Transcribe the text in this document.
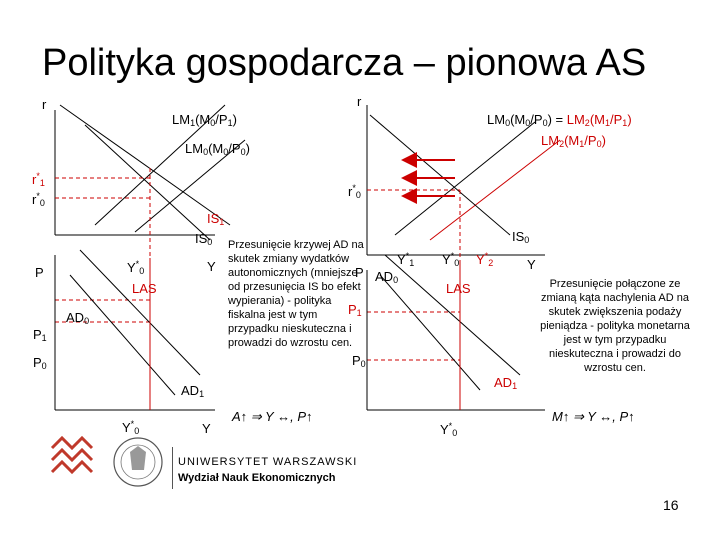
Polityka gospodarcza – pionowa AS
r
$LM_1(M_0/P_1)$
$LM_0(M_0/P_0)$
$r^*_1$
$r^*_0$
$IS_1$
$IS_0$
Y
$Y^*_0$
P
LAS
$AD_0$
$P_1$
$P_0$
$AD_1$
$Y^*_0$	Y
Przesunięcie krzywej AD na skutek zmiany wydatków autonomicznych (mniejsze od przesunięcia IS bo efekt wypierania) - polityka fiskalna jest w tym przypadku nieskuteczna i prowadzi do wzrostu cen.
A↑ ⇒ Y ↔, P↑
r
$LM_0(M_0/P_0) = LM_2(M_1/P_1)$
$LM_2(M_1/P_0)$
$r^*_0$
$IS_0$
$Y^*_1$ $Y^*_0$ $Y^*_2$	Y
P $AD_0$
LAS
$P_1$
$P_0$
$AD_1$
$Y^*_0$
Przesunięcie połączone ze zmianą kąta nachylenia AD na skutek zwiększenia podaży pieniądza - polityka monetarna jest w tym przypadku nieskuteczna i prowadzi do wzrostu cen.
M↑ ⇒ Y ↔, P↑
UNIWERSYTET WARSZAWSKI
Wydział Nauk Ekonomicznych
16
